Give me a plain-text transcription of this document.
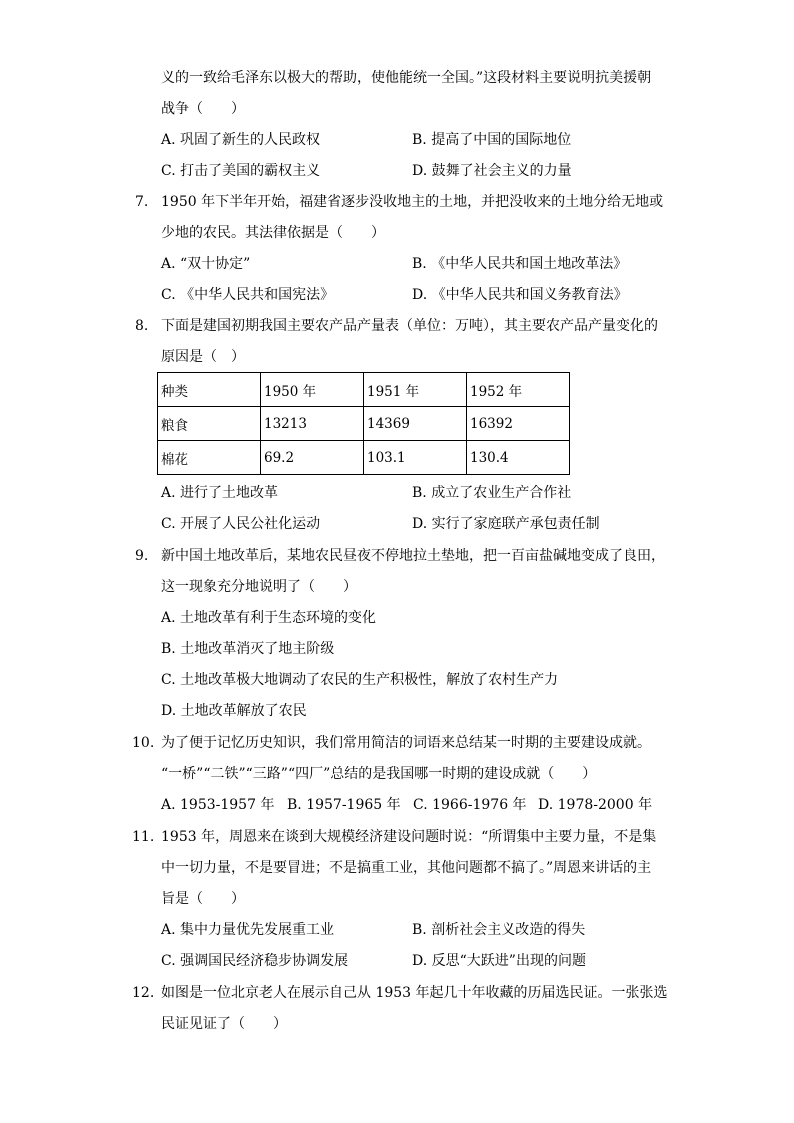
义的一致给毛泽东以极大的帮助，使他能统一全国。”这段材料主要说明抗美援朝
战争（　　）
A. 巩固了新生的人民政权	B. 提高了中国的国际地位
C. 打击了美国的霸权主义	D. 鼓舞了社会主义的力量
7. 1950 年下半年开始，福建省逐步没收地主的土地，并把没收来的土地分给无地或
少地的农民。其法律依据是（　　）
A. “双十协定”	B. 《中华人民共和国土地改革法》
C. 《中华人民共和国宪法》	D. 《中华人民共和国义务教育法》
8. 下面是建国初期我国主要农产品产量表（单位：万吨），其主要农产品产量变化的
原因是（　）
种类	1950 年	1951 年	1952 年
粮食	13213	14369	16392
棉花	69.2	103.1	130.4
A. 进行了土地改革	B. 成立了农业生产合作社
C. 开展了人民公社化运动	D. 实行了家庭联产承包责任制
9. 新中国土地改革后，某地农民昼夜不停地拉土垫地，把一百亩盐碱地变成了良田，
这一现象充分地说明了（　　）
A. 土地改革有利于生态环境的变化
B. 土地改革消灭了地主阶级
C. 土地改革极大地调动了农民的生产积极性，解放了农村生产力
D. 土地改革解放了农民
10. 为了便于记忆历史知识，我们常用简洁的词语来总结某一时期的主要建设成就。
“一桥”“二铁”“三路”“四厂”总结的是我国哪一时期的建设成就（　　）
A. 1953-1957 年 B. 1957-1965 年 C. 1966-1976 年 D. 1978-2000 年
11. 1953 年，周恩来在谈到大规模经济建设问题时说：“所谓集中主要力量，不是集
中一切力量，不是要冒进；不是搞重工业，其他问题都不搞了。”周恩来讲话的主
旨是（　　）
A. 集中力量优先发展重工业	B. 剖析社会主义改造的得失
C. 强调国民经济稳步协调发展	D. 反思“大跃进”出现的问题
12. 如图是一位北京老人在展示自己从 1953 年起几十年收藏的历届选民证。一张张选
民证见证了（　　）
